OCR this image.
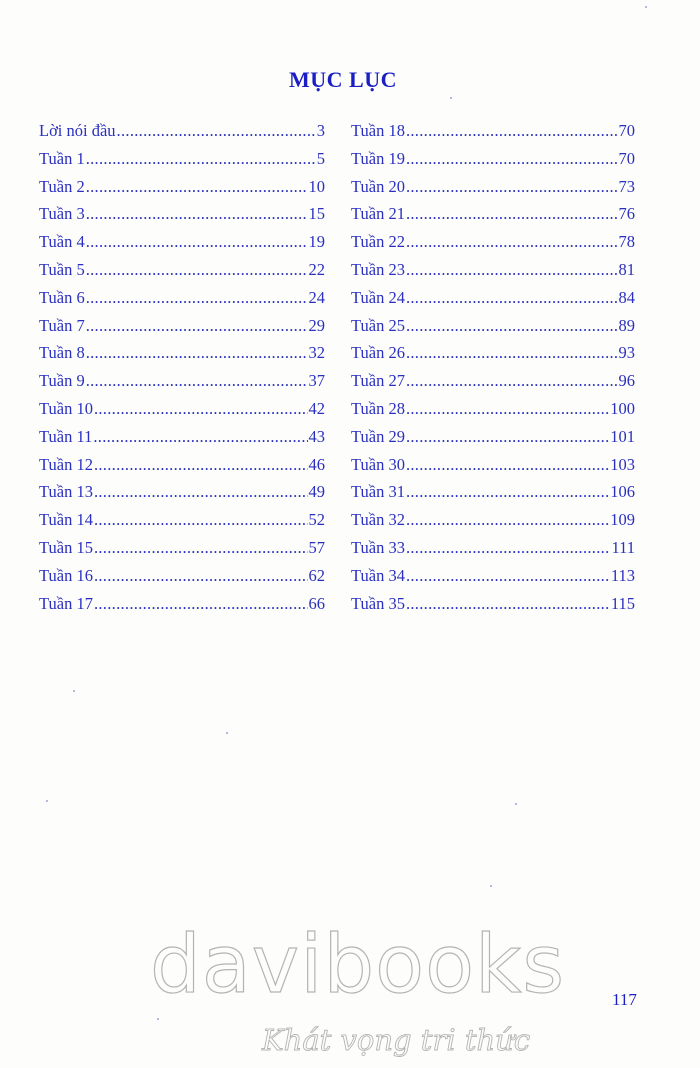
MỤC LỤC
Lời nói đầu .....	3
Tuần 1 .....	5
Tuần 2 .....	10
Tuần 3 .....	15
Tuần 4 .....	19
Tuần 5 .....	22
Tuần 6 .....	24
Tuần 7 .....	29
Tuần 8 .....	32
Tuần 9 .....	37
Tuần 10 .....	42
Tuần 11 .....	43
Tuần 12 .....	46
Tuần 13 .....	49
Tuần 14 .....	52
Tuần 15 .....	57
Tuần 16 .....	62
Tuần 17 .....	66
Tuần 18 .....	70
Tuần 19 .....	70
Tuần 20 .....	73
Tuần 21 .....	76
Tuần 22 .....	78
Tuần 23 .....	81
Tuần 24 .....	84
Tuần 25 .....	89
Tuần 26 .....	93
Tuần 27 .....	96
Tuần 28 .....	100
Tuần 29 .....	101
Tuần 30 .....	103
Tuần 31 .....	106
Tuần 32 .....	109
Tuần 33 .....	111
Tuần 34 .....	113
Tuần 35 .....	115
117
davibooks
Khát vọng tri thức
